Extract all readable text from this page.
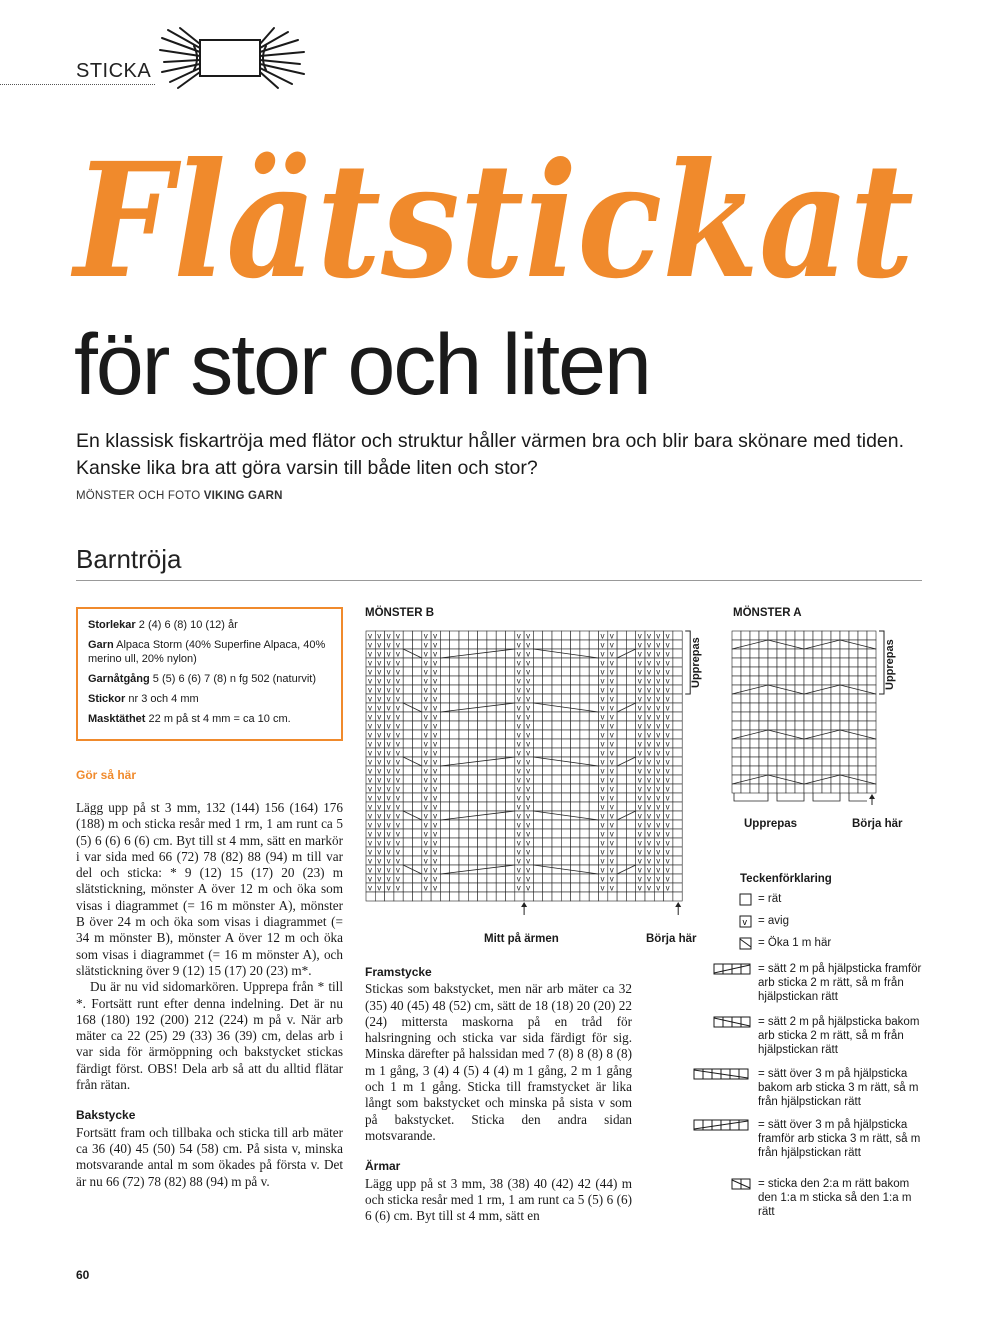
STICKA
Flätstickat
för stor och liten
En klassisk fiskartröja med flätor och struktur håller värmen bra och blir bara skönare med tiden. Kanske lika bra att göra varsin till både liten och stor?
MÖNSTER OCH FOTO VIKING GARN
Barntröja

Storlekar 2 (4) 6 (8) 10 (12) år

Garn Alpaca Storm (40% Superfine Alpaca, 40% merino ull, 20% nylon)

Garnåtgång 5 (5) 6 (6) 7 (8) n fg 502 (naturvit)

Stickor nr 3 och 4 mm

Masktäthet 22 m på st 4 mm = ca 10 cm.

Gör så här

Lägg upp på st 3 mm, 132 (144) 156 (164) 176 (188) m och sticka resår med 1 rm, 1 am runt ca 5 (5) 6 (6) 6 (6) cm. Byt till st 4 mm, sätt en markör i var sida med 66 (72) 78 (82) 88 (94) m till var del och sticka: * 9 (12) 15 (17) 20 (23) m slätstickning, mönster A över 12 m och öka som visas i diagrammet (= 16 m mönster A), mönster B över 24 m och öka som visas i diagrammet (= 34 m mönster B), mönster A över 12 m och öka som visas i diagrammet (= 16 m mönster A), och slätstickning över 9 (12) 15 (17) 20 (23) m*.

Du är nu vid sidomarkören. Upprepa från * till *. Fortsätt runt efter denna indelning. Det är nu 168 (180) 192 (200) 212 (224) m på v. När arb mäter ca 22 (25) 29 (33) 36 (39) cm, delas arb i var sida för ärmöppning och bakstycket stickas färdigt först. OBS! Dela arb så att du alltid flätar från rätan.

Bakstycke

Fortsätt fram och tillbaka och sticka till arb mäter ca 36 (40) 45 (50) 54 (58) cm. På sista v, minska motsvarande antal m som ökades på första v. Det är nu 66 (72) 78 (82) 88 (94) m på v.

Framstycke

Stickas som bakstycket, men när arb mäter ca 32 (35) 40 (45) 48 (52) cm, sätt de 18 (18) 20 (20) 22 (24) mittersta maskorna på en tråd för halsringning och sticka var sida färdigt för sig. Minska därefter på halssidan med 7 (8) 8 (8) 8 (8) m 1 gång, 3 (4) 4 (5) 4 (4) m 1 gång, 2 m 1 gång och 1 m 1 gång. Sticka till framstycket är lika långt som bakstycket och minska på sista v som på bakstycket. Sticka den andra sidan motsvarande.

Ärmar

Lägg upp på st 3 mm, 38 (38) 40 (42) 42 (44) m och sticka resår med 1 rm, 1 am runt ca 5 (5) 6 (6) 6 (6) cm. Byt till st 4 mm, sätt en

MÖNSTER B
v v v v	v v	v v	v v	v v v v
v v v v	v v	v v	v v	v v v v
v v v v	v v	v v	v v	v v v v
v v v v	v v	v v	v v	v v v v
v v v v	v v	v v	v v	v v v v
v v v v	v v	v v	v v	v v v v
v v v v	v v	v v	v v	v v v v
v v v v	v v	v v	v v	v v v v
v v v v	v v	v v	v v	v v v v
v v v v	v v	v v	v v	v v v v
v v v v	v v	v v	v v	v v v v
v v v v	v v	v v	v v	v v v v
v v v v	v v	v v	v v	v v v v
v v v v	v v	v v	v v	v v v v
v v v v	v v	v v	v v	v v v v
v v v v	v v	v v	v v	v v v v
v v v v	v v	v v	v v	v v v v
v v v v	v v	v v	v v	v v v v
v v v v	v v	v v	v v	v v v v
v v v v	v v	v v	v v	v v v v
v v v v	v v	v v	v v	v v v v
v v v v	v v	v v	v v	v v v v
v v v v	v v	v v	v v	v v v v
v v v v	v v	v v	v v	v v v v
v v v v	v v	v v	v v	v v v v
v v v v	v v	v v	v v	v v v v
v v v v	v v	v v	v v	v v v v
v v v v	v v	v v	v v	v v v v
v v v v	v v	v v	v v	v v v v
Upprepas
Mitt på ärmen	Börja här
MÖNSTER A
Upprepas
Upprepas	Börja här
Teckenförklaring
= rät
v = avig
= Öka 1 m här
= sätt 2 m på hjälpsticka framför arb sticka 2 m rätt, så m från hjälpstickan rätt
= sätt 2 m på hjälpsticka bakom arb sticka 2 m rätt, så m från hjälpstickan rätt
= sätt över 3 m på hjälpsticka bakom arb sticka 3 m rätt, så m från hjälpstickan rätt
= sätt över 3 m på hjälpsticka framför arb sticka 3 m rätt, så m från hjälpstickan rätt
= sticka den 2:a m rätt bakom den 1:a m sticka så den 1:a m rätt
60
